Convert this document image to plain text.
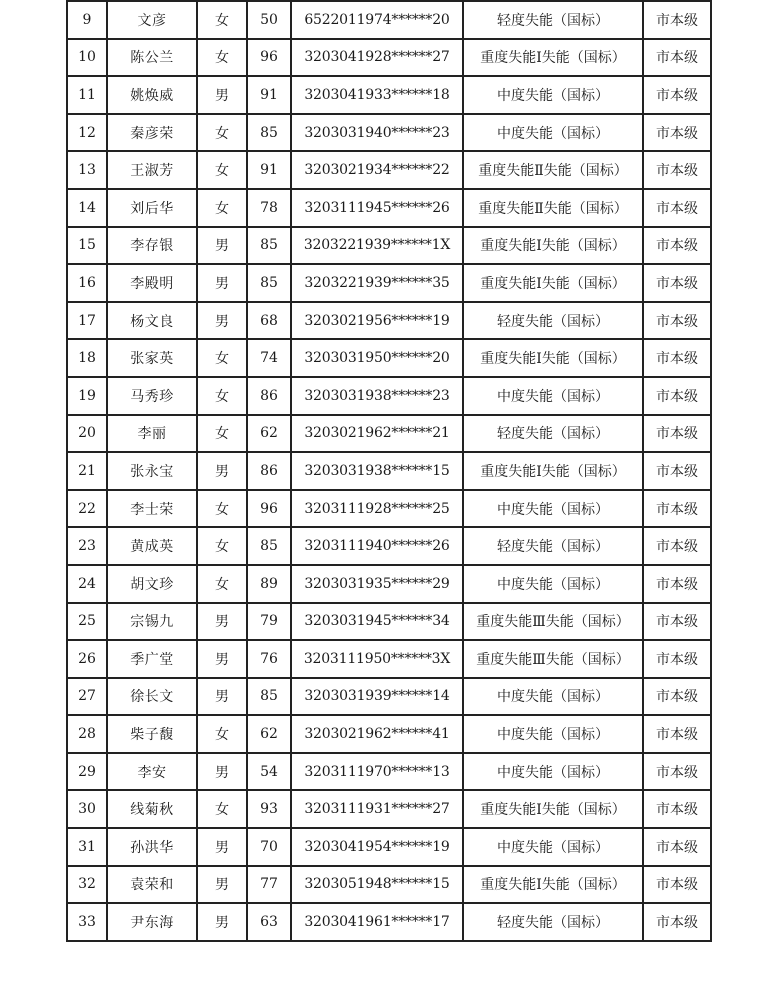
9	文彦	女	50	6522011974******20	轻度失能（国标）	市本级
10	陈公兰	女	96	3203041928******27	重度失能Ⅰ失能（国标）	市本级
11	姚焕威	男	91	3203041933******18	中度失能（国标）	市本级
12	秦彦荣	女	85	3203031940******23	中度失能（国标）	市本级
13	王淑芳	女	91	3203021934******22	重度失能Ⅱ失能（国标）	市本级
14	刘后华	女	78	3203111945******26	重度失能Ⅱ失能（国标）	市本级
15	李存银	男	85	3203221939******1X	重度失能Ⅰ失能（国标）	市本级
16	李殿明	男	85	3203221939******35	重度失能Ⅰ失能（国标）	市本级
17	杨文良	男	68	3203021956******19	轻度失能（国标）	市本级
18	张家英	女	74	3203031950******20	重度失能Ⅰ失能（国标）	市本级
19	马秀珍	女	86	3203031938******23	中度失能（国标）	市本级
20	李丽	女	62	3203021962******21	轻度失能（国标）	市本级
21	张永宝	男	86	3203031938******15	重度失能Ⅰ失能（国标）	市本级
22	李士荣	女	96	3203111928******25	中度失能（国标）	市本级
23	黄成英	女	85	3203111940******26	轻度失能（国标）	市本级
24	胡文珍	女	89	3203031935******29	中度失能（国标）	市本级
25	宗锡九	男	79	3203031945******34	重度失能Ⅲ失能（国标）	市本级
26	季广堂	男	76	3203111950******3X	重度失能Ⅲ失能（国标）	市本级
27	徐长文	男	85	3203031939******14	中度失能（国标）	市本级
28	柴子馥	女	62	3203021962******41	中度失能（国标）	市本级
29	李安	男	54	3203111970******13	中度失能（国标）	市本级
30	线菊秋	女	93	3203111931******27	重度失能Ⅰ失能（国标）	市本级
31	孙洪华	男	70	3203041954******19	中度失能（国标）	市本级
32	袁荣和	男	77	3203051948******15	重度失能Ⅰ失能（国标）	市本级
33	尹东海	男	63	3203041961******17	轻度失能（国标）	市本级
